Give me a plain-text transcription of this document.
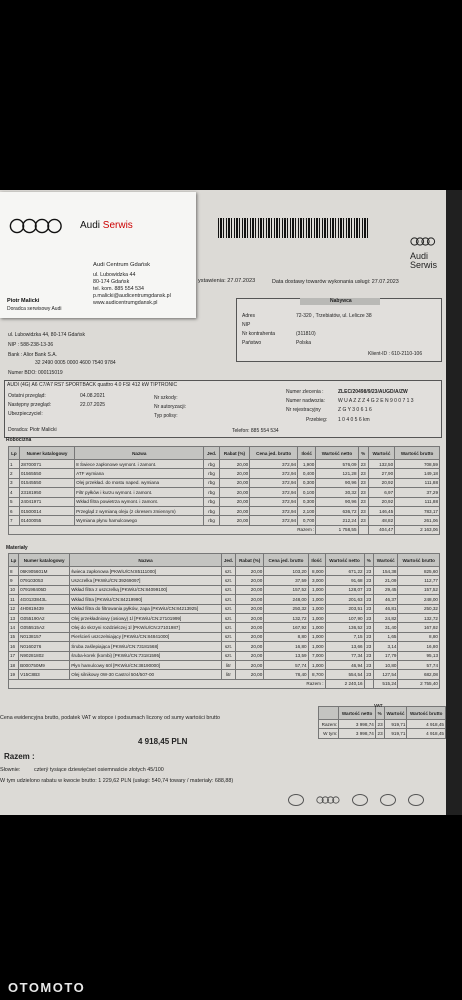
Audi
Serwis
ystawienia: 27.07.2023	Data dostawy towarów wykonania usługi: 27.07.2023
Nabywca
Adres	72-320 , Trzebiatów, ul. Lelicze 38
NIP
Nr kontrahenta	(311810)
Państwo	Polska
Klient-ID : 610-2110-106
ul. Lubowidzka 44, 80-174 Gdańsk
NIP : 588-238-13-36
Bank : Alior Bank S.A.
32 2490 0005 0000 4600 7540 9784
Numer BDO: 000115019
AUDI (4G) A6 C7/A7 RS7 SPORTBACK quattro 4.0 FSI 412 kW TIPTRONIC
Numer zlecenia :	ZLEC/20498/9/23/AUGD/A/ZW
Numer nadwozia:	W U A Z Z Z 4 G 2 E N 9 0 0 7 1 3
Nr rejestracyjny	Z G Y 3 0 6 1 6
Przebieg: 1 0 4 0 5 6 km
Ostatni przegląd:	04.08.2021
Następny przegląd:	22.07.2025
Ubezpieczyciel:
Nr szkody:
Nr autoryzacji:
Typ polisy:
Doradca: Piotr Malicki	Telefon: 885 554 534
Robocizna
Lp	Numer katalogowy	Nazwa	Jed.	Rabat (%)	Cena jed. brutto	Ilość	Wartość netto	%	Wartość	Wartość brutto
1	28700071	8 Świece zapłonowe wymont. i zamont.	rbg	20,00	372,94	1,900	576,09	23	132,50	708,59
2	01565550	ATF wymiana	rbg	20,00	372,94	0,400	121,28	23	27,90	149,18
3	01545550	Olej przekład. do mostu naped. wymiana	rbg	20,00	372,94	0,300	90,96	23	20,92	111,88
4	23181950	Filtr pyłków i kurzu wymont. i zamont.	rbg	20,00	372,94	0,100	30,32	23	6,97	37,29
5	24041971	Wkład filtra powietrza wymont. i zamont.	rbg	20,00	372,94	0,300	90,96	23	20,92	111,88
6	01500014	Przegląd z wymianą oleju (z ckresem zmiennym)	rbg	20,00	372,94	2,100	636,72	23	146,45	783,17
7	01400055	Wymiana płynu hamulcowego	rbg	20,00	372,94	0,700	212,24	23	48,82	261,06
Razem :							1 758,55		404,47	2 163,06
Materiały
Lp	Numer katalogowy	Nazwa	Jed.	Rabat (%)	Cena jed. brutto	Ilość	Wartość netto	%	Wartość	Wartość brutto
8	06K905601M	świeca zapłonowa [PKWiU/CN:85111000]	szt.	20,00	103,20	8,000	671,22	23	154,38	825,60
9	079103053	Uszczelka [PKWiU/CN:39269097]	szt.	20,00	37,59	3,000	91,68	23	21,09	112,77
10	079198405D	Wkład filtra z uszczelką [PKWiU/CN:84099100]	szt.	20,00	157,52	1,000	128,07	23	29,45	157,52
11	4G0133843L	Wkład filtra [PKWiU/CN:84219990]	szt.	20,00	248,00	1,000	201,63	23	46,37	248,00
12	4H0819439	Wkład filtra do filtrowania pyłków, zapa [PKWiU/CN:84213925]	szt.	20,00	250,32	1,000	203,51	23	46,81	250,32
13	G055190A2	Olej przekładniowy (osiowy) 1l [PKWiU/CN:27101999]	szt.	20,00	132,72	1,000	107,90	23	24,82	132,72
14	G055515A2	Olej do skrzyni rozdzielczej 1l [PKWiU/CN:27101987]	szt.	20,00	167,92	1,000	136,52	23	31,40	167,92
15	N0138157	Pierścień uszczelniający [PKWiU/CN:84841000]	szt.	20,00	8,80	1,000	7,15	23	1,65	8,80
16	N0160276	Śruba zaślepiająca [PKWiU/CN:73181568]	szt.	20,00	16,80	1,000	13,66	23	3,14	16,80
17	N90281802	śruba-korek (kombi) [PKWiU/CN:73181595]	szt.	20,00	13,59	7,000	77,34	23	17,79	95,13
18	B000750M9	Płyn hamulcowy 60l [PKWiU/CN:38190000]	litr	20,00	57,74	1,000	46,94	23	10,80	57,74
19	V15C8B3	Olej silnikowy 0W-30 Castrol 504/507-00	litr	20,00	78,40	8,700	554,54	23	127,54	682,08
Razem :							2 240,16		515,24	2 755,40
	Wartość netto	%	Wartość	Wartość brutto
Razem:	3 998,74	23	919,71	4 918,45
W tym:	3 998,74	23	919,71	4 918,45
Cena ewidencyjna brutto, podatek VAT w stopce i podsumach liczony od sumy wartości brutto
4 918,45 PLN
Razem :
Słownie:	czterý tysiące dziewięćset osiemnaście złotych 45/100
W tym udzielono rabatu w kwocie brutto: 1 229,62 PLN (usługi: 540,74 towary / materiały: 688,88)
Audi Serwis
Audi Centrum Gdańsk
ul. Lubowidzka 44
80-174 Gdańsk
tel. kom. 885 554 534
p.malicki@audicentrumgdansk.pl
www.audicentrumgdansk.pl
Piotr Malicki
Doradca serwisowy Audi
OTOMOTO
VAT
